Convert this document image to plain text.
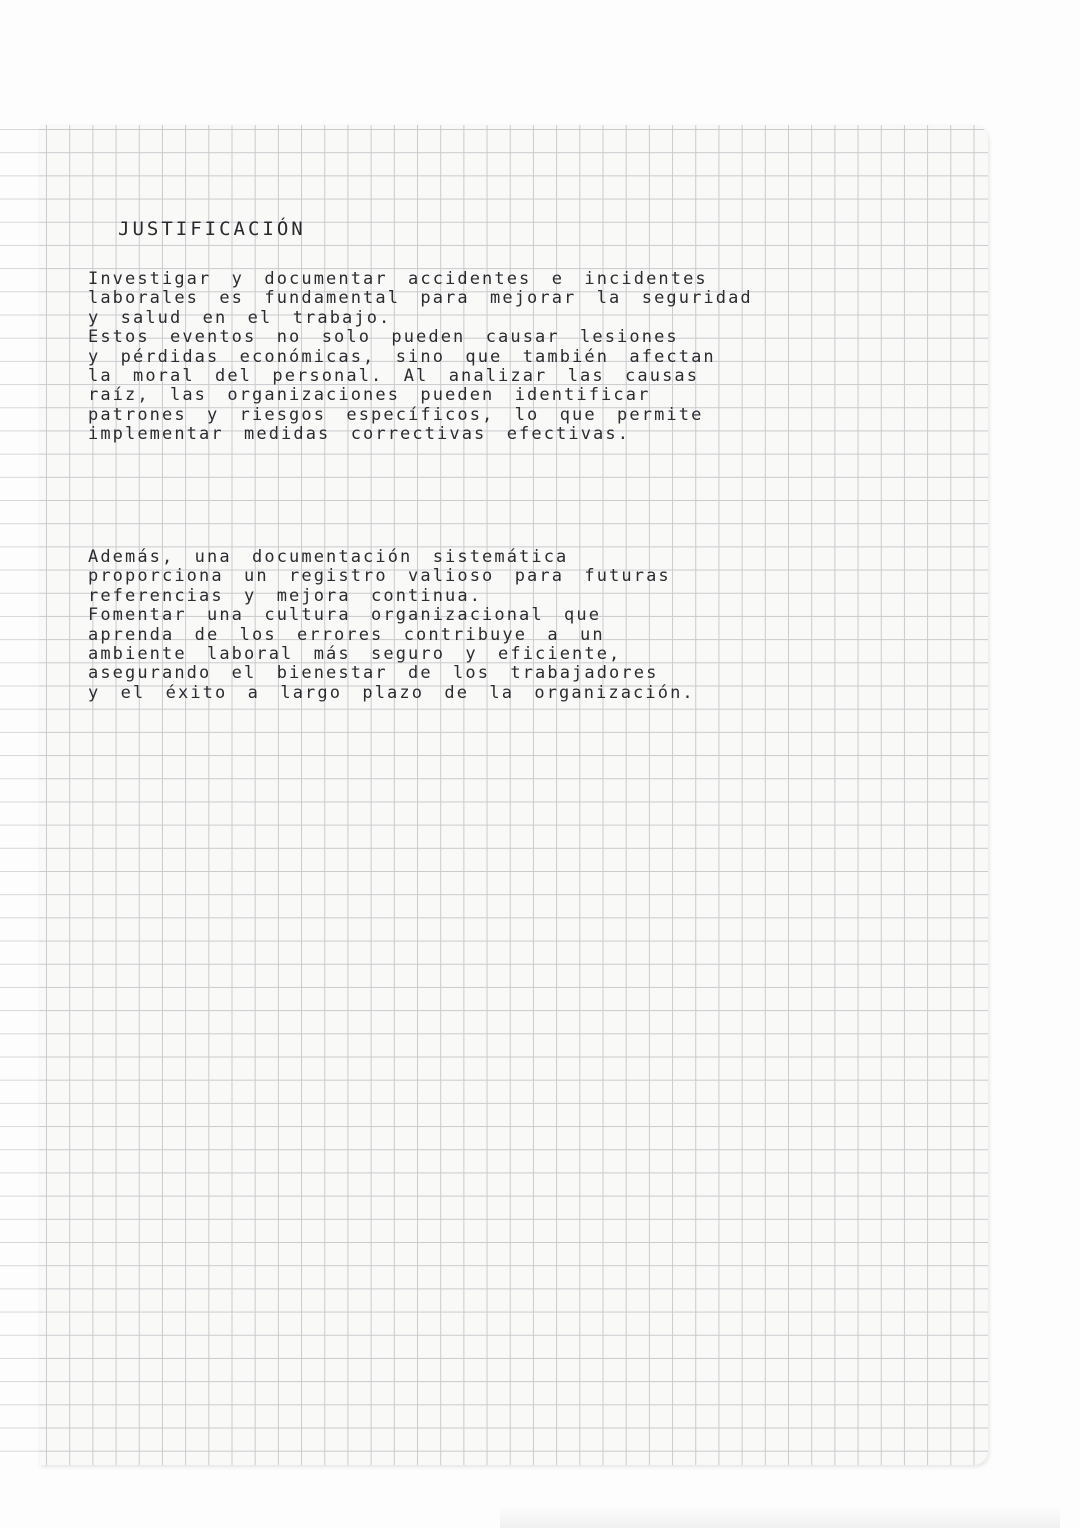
JUSTIFICACIÓN

Investigar y documentar accidentes e incidentes
laborales es fundamental para mejorar la seguridad
y salud en el trabajo.
Estos eventos no solo pueden causar lesiones
y pérdidas económicas, sino que también afectan
la moral del personal. Al analizar las causas
raíz, las organizaciones pueden identificar
patrones y riesgos específicos, lo que permite
implementar medidas correctivas efectivas.

Además, una documentación sistemática
proporciona un registro valioso para futuras
referencias y mejora continua.
Fomentar una cultura organizacional que
aprenda de los errores contribuye a un
ambiente laboral más seguro y eficiente,
asegurando el bienestar de los trabajadores
y el éxito a largo plazo de la organización.
